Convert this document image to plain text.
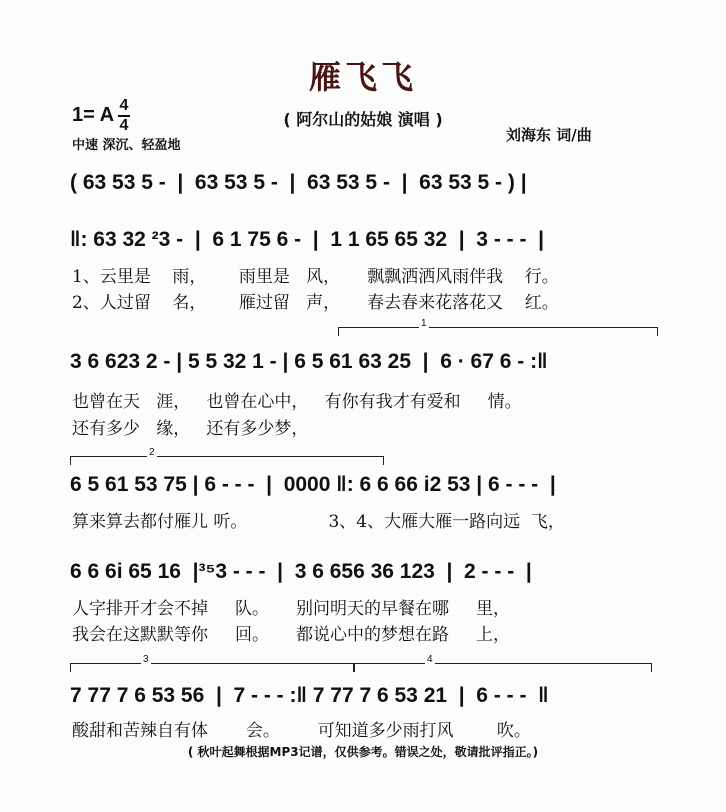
雁飞飞
1= A 4
4
中速 深沉、轻盈地
( 阿尔山的姑娘 演唱 )
刘海东 词/曲
( 63 53 5 -  |  63 53 5 -  |  63 53 5 -  |  63 53 5 - ) |
‖: 63 32 ²3 -  |  6 1 75 6 -  |  1 1 65 65 32  |  3 - - -  |
1、云里是    雨，      雨里是   风，     飘飘洒洒风雨伴我    行。
2、人过留    名，      雁过留   声，     春去春来花落花又    红。
1
3 6 623 2 - | 5 5 32 1 - | 6 5 61 63 25  |  6 · 67 6 - :‖
也曾在天   涯，   也曾在心中，   有你有我才有爱和     情。
还有多少   缘，   还有多少梦，
2
6 5 61 53 75 | 6 - - -  |  0000 ‖: 6 6 66 i2 53 | 6 - - -  |
算来算去都付雁儿 听。               3、4、大雁大雁一路向远  飞，
6 6 6i 65 16  |³⁵3 - - -  |  3 6 656 36 123  |  2 - - -  |
人字排开才会不掉     队。     别问明天的早餐在哪     里，
我会在这默默等你     回。     都说心中的梦想在路     上，
3	4
7 77 7 6 53 56  |  7 - - - :‖ 7 77 7 6 53 21  |  6 - - -  ‖
酸甜和苦辣自有体       会。       可知道多少雨打风        吹。
( 秋叶起舞根据MP3记谱，仅供参考。错误之处，敬请批评指正。)
